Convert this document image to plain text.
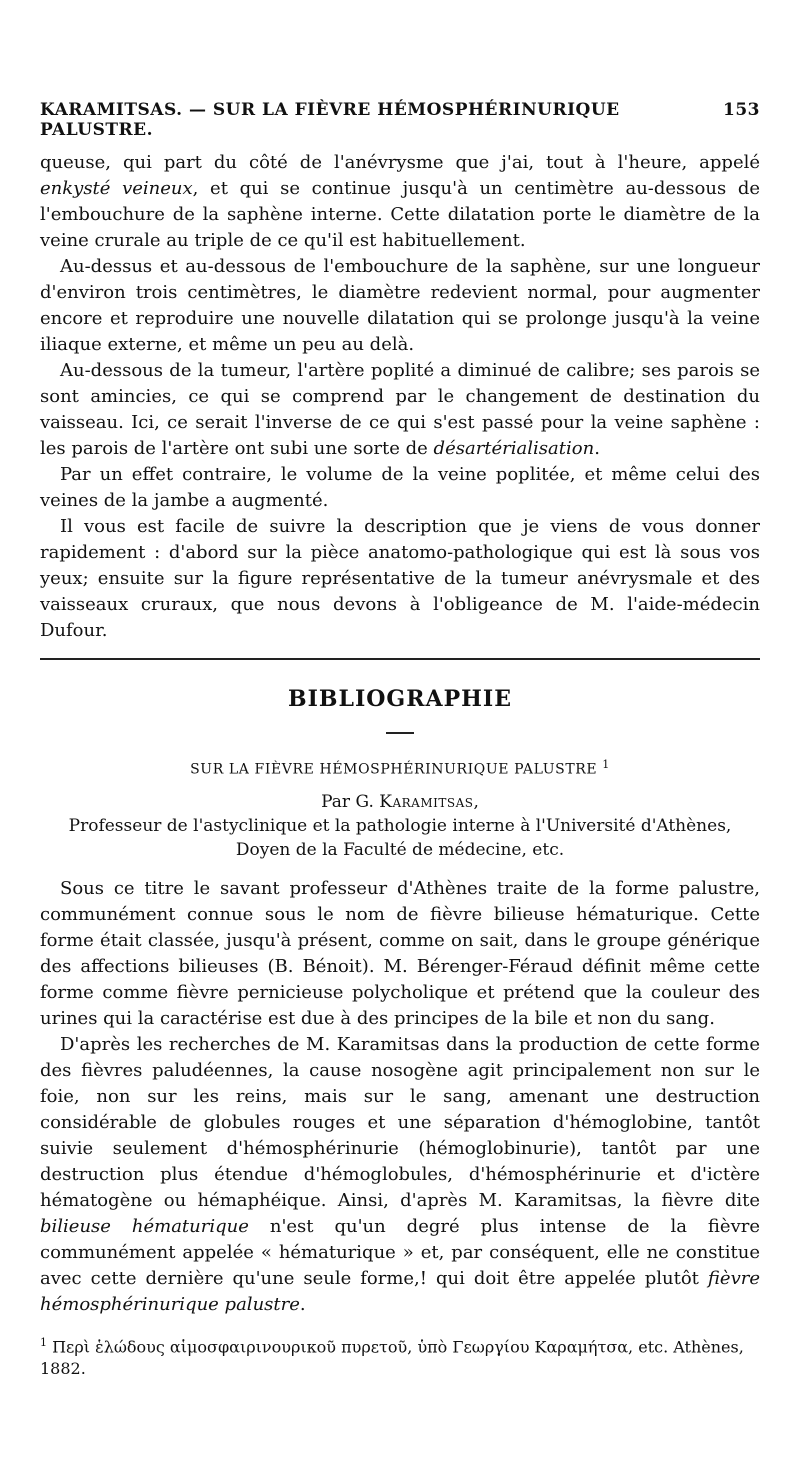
KARAMITSAS. — SUR LA FIÈVRE HÉMOSPHÉRINURIQUE PALUSTRE.
153

queuse, qui part du côté de l'anévrysme que j'ai, tout à l'heure, appelé enkysté veineux, et qui se continue jusqu'à un centimètre au-dessous de l'embouchure de la saphène interne. Cette dilatation porte le diamètre de la veine crurale au triple de ce qu'il est habituellement.

Au-dessus et au-dessous de l'embouchure de la saphène, sur une longueur d'environ trois centimètres, le diamètre redevient normal, pour augmenter encore et reproduire une nouvelle dilatation qui se prolonge jusqu'à la veine iliaque externe, et même un peu au delà.

Au-dessous de la tumeur, l'artère poplité a diminué de calibre; ses parois se sont amincies, ce qui se comprend par le changement de destination du vaisseau. Ici, ce serait l'inverse de ce qui s'est passé pour la veine saphène : les parois de l'artère ont subi une sorte de désartérialisation.

Par un effet contraire, le volume de la veine poplitée, et même celui des veines de la jambe a augmenté.

Il vous est facile de suivre la description que je viens de vous donner rapidement : d'abord sur la pièce anatomo-pathologique qui est là sous vos yeux; ensuite sur la figure représentative de la tumeur anévrysmale et des vaisseaux cruraux, que nous devons à l'obligeance de M. l'aide-médecin Dufour.

BIBLIOGRAPHIE
SUR LA FIÈVRE HÉMOSPHÉRINURIQUE PALUSTRE $^1$
Par G. Karamitsas,
Professeur de l'astyclinique et la pathologie interne à l'Université d'Athènes,
Doyen de la Faculté de médecine, etc.

Sous ce titre le savant professeur d'Athènes traite de la forme palustre, communément connue sous le nom de fièvre bilieuse hématurique. Cette forme était classée, jusqu'à présent, comme on sait, dans le groupe générique des affections bilieuses (B. Bénoit). M. Bérenger-Féraud définit même cette forme comme fièvre pernicieuse polycholique et prétend que la couleur des urines qui la caractérise est due à des principes de la bile et non du sang.

D'après les recherches de M. Karamitsas dans la production de cette forme des fièvres paludéennes, la cause nosogène agit principalement non sur le foie, non sur les reins, mais sur le sang, amenant une destruction considérable de globules rouges et une séparation d'hémoglobine, tantôt suivie seulement d'hémosphérinurie (hémoglobinurie), tantôt par une destruction plus étendue d'hémoglobules, d'hémosphérinurie et d'ictère hématogène ou hémaphéique. Ainsi, d'après M. Karamitsas, la fièvre dite bilieuse hématurique n'est qu'un degré plus intense de la fièvre communément appelée « hématurique » et, par conséquent, elle ne constitue avec cette dernière qu'une seule forme,! qui doit être appelée plutôt fièvre hémosphérinurique palustre.

$^1$ Περὶ ἑλώδους αἱμοσφαιρινουρικοῦ πυρετοῦ, ὑπὸ Γεωργίου Καραμήτσα, etc. Athènes, 1882.
